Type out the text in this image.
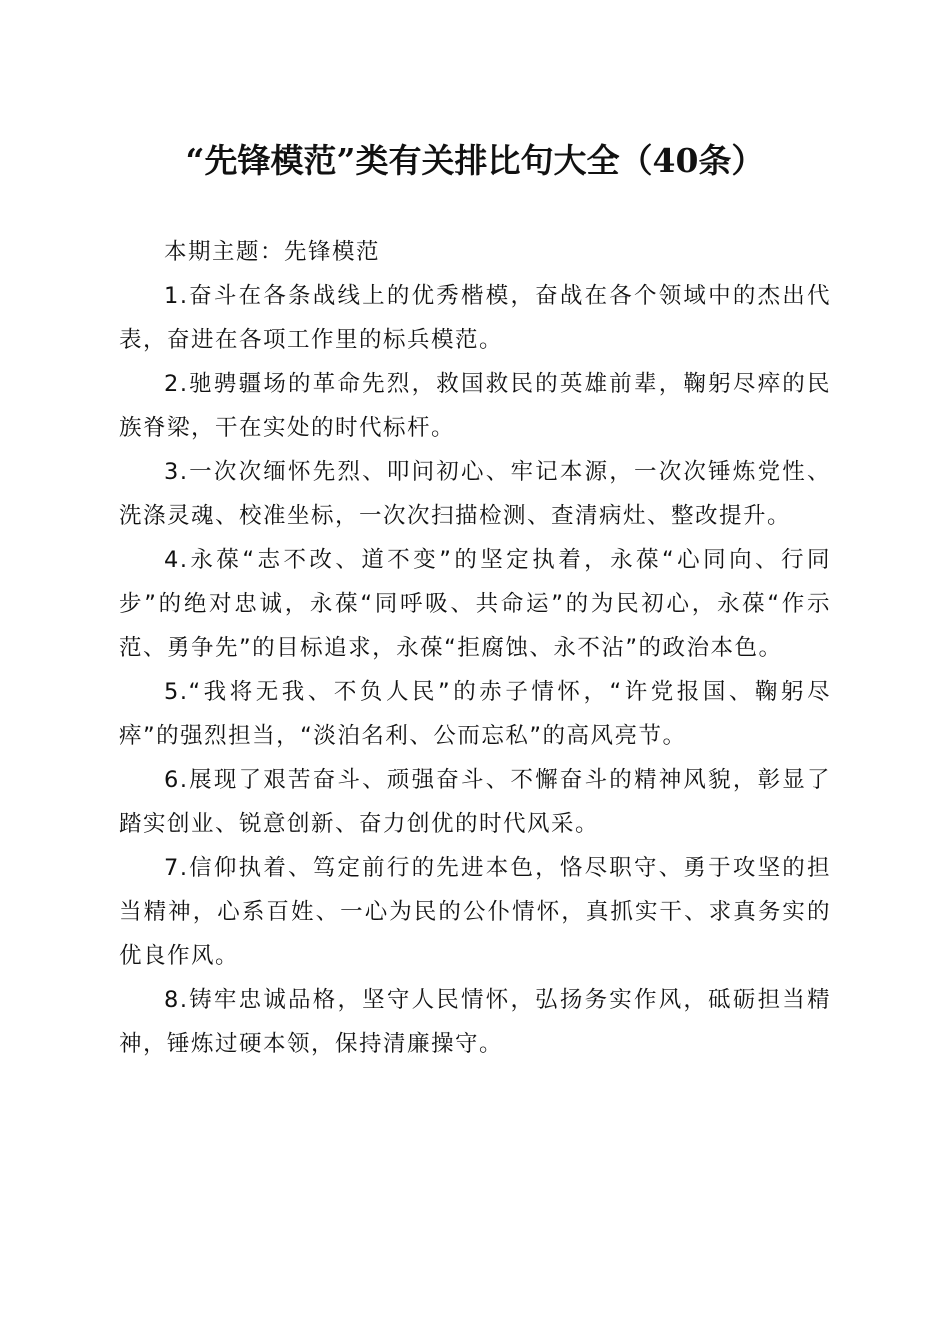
“先锋模范”类有关排比句大全（40条）

本期主题：先锋模范

1.奋斗在各条战线上的优秀楷模，奋战在各个领域中的杰出代表，奋进在各项工作里的标兵模范。

2.驰骋疆场的革命先烈，救国救民的英雄前辈，鞠躬尽瘁的民族脊梁，干在实处的时代标杆。

3.一次次缅怀先烈、叩问初心、牢记本源，一次次锤炼党性、洗涤灵魂、校准坐标，一次次扫描检测、查清病灶、整改提升。

4.永葆“志不改、道不变”的坚定执着，永葆“心同向、行同步”的绝对忠诚，永葆“同呼吸、共命运”的为民初心，永葆“作示范、勇争先”的目标追求，永葆“拒腐蚀、永不沾”的政治本色。

5.“我将无我、不负人民”的赤子情怀，“许党报国、鞠躬尽瘁”的强烈担当，“淡泊名利、公而忘私”的高风亮节。

6.展现了艰苦奋斗、顽强奋斗、不懈奋斗的精神风貌，彰显了踏实创业、锐意创新、奋力创优的时代风采。

7.信仰执着、笃定前行的先进本色，恪尽职守、勇于攻坚的担当精神，心系百姓、一心为民的公仆情怀，真抓实干、求真务实的优良作风。

8.铸牢忠诚品格，坚守人民情怀，弘扬务实作风，砥砺担当精神，锤炼过硬本领，保持清廉操守。
